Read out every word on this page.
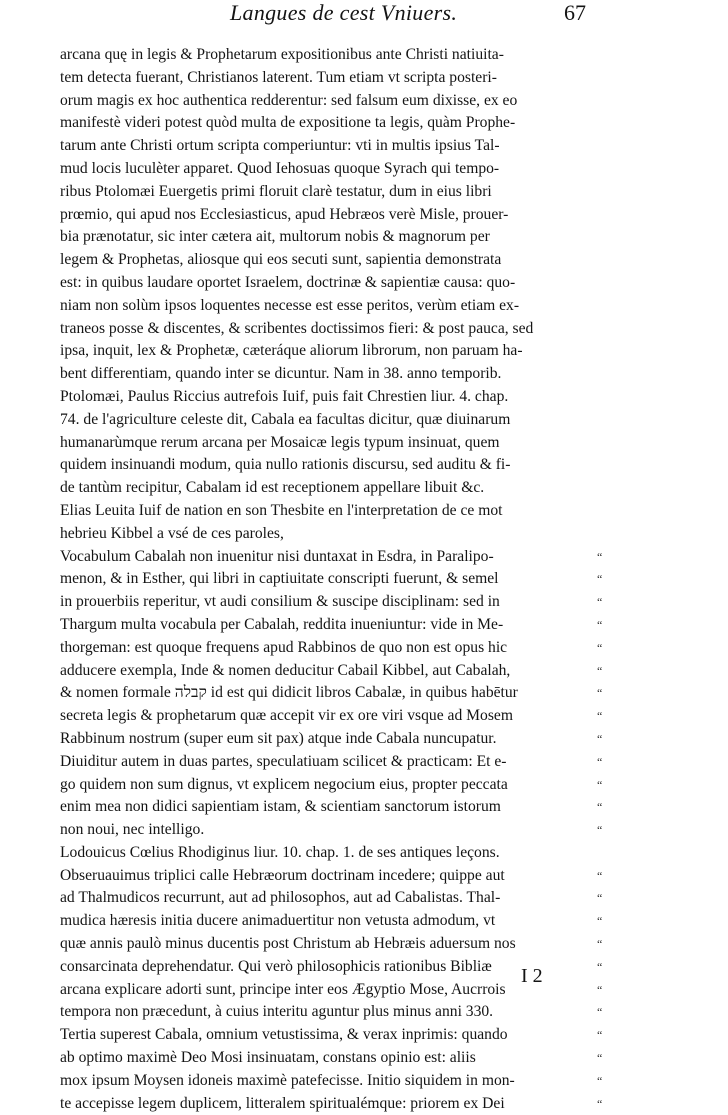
Langues de cest Vniuers.	67
arcana quę in legis & Prophetarum expositionibus ante Christi natiuita-
tem detecta fuerant, Christianos laterent. Tum etiam vt scripta posteri-
orum magis ex hoc authentica redderentur: sed falsum eum dixisse, ex eo
manifestè videri potest quòd multa de expositione ta legis, quàm Prophe-
tarum ante Christi ortum scripta comperiuntur: vti in multis ipsius Tal-
mud locis luculèter apparet. Quod Iehosuas quoque Syrach qui tempo-
ribus Ptolomæi Euergetis primi floruit clarè testatur, dum in eius libri
prœmio, qui apud nos Ecclesiasticus, apud Hebræos verè Misle, prouer-
bia prænotatur, sic inter cætera ait, multorum nobis & magnorum per
legem & Prophetas, aliosque qui eos secuti sunt, sapientia demonstrata
est: in quibus laudare oportet Israelem, doctrinæ & sapientiæ causa: quo-
niam non solùm ipsos loquentes necesse est esse peritos, verùm etiam ex-
traneos posse & discentes, & scribentes doctissimos fieri: & post pauca, sed
ipsa, inquit, lex & Prophetæ, cæteráque aliorum librorum, non paruam ha-
bent differentiam, quando inter se dicuntur. Nam in 38. anno temporib.
Ptolomæi, Paulus Riccius autrefois Iuif, puis fait Chrestien liur. 4. chap.
74. de l'agriculture celeste dit, Cabala ea facultas dicitur, quæ diuinarum
humanarùmque rerum arcana per Mosaicæ legis typum insinuat, quem
quidem insinuandi modum, quia nullo rationis discursu, sed auditu & fi-
de tantùm recipitur, Cabalam id est receptionem appellare libuit &c.
Elias Leuita Iuif de nation en son Thesbite en l'interpretation de ce mot
hebrieu Kibbel a vsé de ces paroles,
Vocabulum Cabalah non inuenitur nisi duntaxat in Esdra, in Paralipo-
menon, & in Esther, qui libri in captiuitate conscripti fuerunt, & semel
in prouerbiis reperitur, vt audi consilium & suscipe disciplinam: sed in
Thargum multa vocabula per Cabalah, reddita inueniuntur: vide in Me-
thorgeman: est quoque frequens apud Rabbinos de quo non est opus hic
adducere exempla, Inde & nomen deducitur Cabail Kibbel, aut Cabalah,
& nomen formale קבלה id est qui didicit libros Cabalæ, in quibus habētur
secreta legis & prophetarum quæ accepit vir ex ore viri vsque ad Mosem
Rabbinum nostrum (super eum sit pax) atque inde Cabala nuncupatur.
Diuiditur autem in duas partes, speculatiuam scilicet & practicam: Et e-
go quidem non sum dignus, vt explicem negocium eius, propter peccata
enim mea non didici sapientiam istam, & scientiam sanctorum istorum
non noui, nec intelligo.
Lodouicus Cœlius Rhodiginus liur. 10. chap. 1. de ses antiques leçons.
Obseruauimus triplici calle Hebræorum doctrinam incedere; quippe aut
ad Thalmudicos recurrunt, aut ad philosophos, aut ad Cabalistas. Thal-
mudica hæresis initia ducere animaduertitur non vetusta admodum, vt
quæ annis paulò minus ducentis post Christum ab Hebræis aduersum nos
consarcinata deprehendatur. Qui verò philosophicis rationibus Bibliæ
arcana explicare adorti sunt, principe inter eos Ægyptio Mose, Aucrrois
tempora non præcedunt, à cuius interitu aguntur plus minus anni 330.
Tertia superest Cabala, omnium vetustissima, & verax inprimis: quando
ab optimo maximè Deo Mosi insinuatam, constans opinio est: aliis
mox ipsum Moysen idoneis maximè patefecisse. Initio siquidem in mon-
te accepisse legem duplicem, litteralem spiritualémque: priorem ex Dei
“
“
“
“
“
“
“
“
“
“
“
“
“
“
“
“
“
“
“
“
“
“
“
“
I 2
